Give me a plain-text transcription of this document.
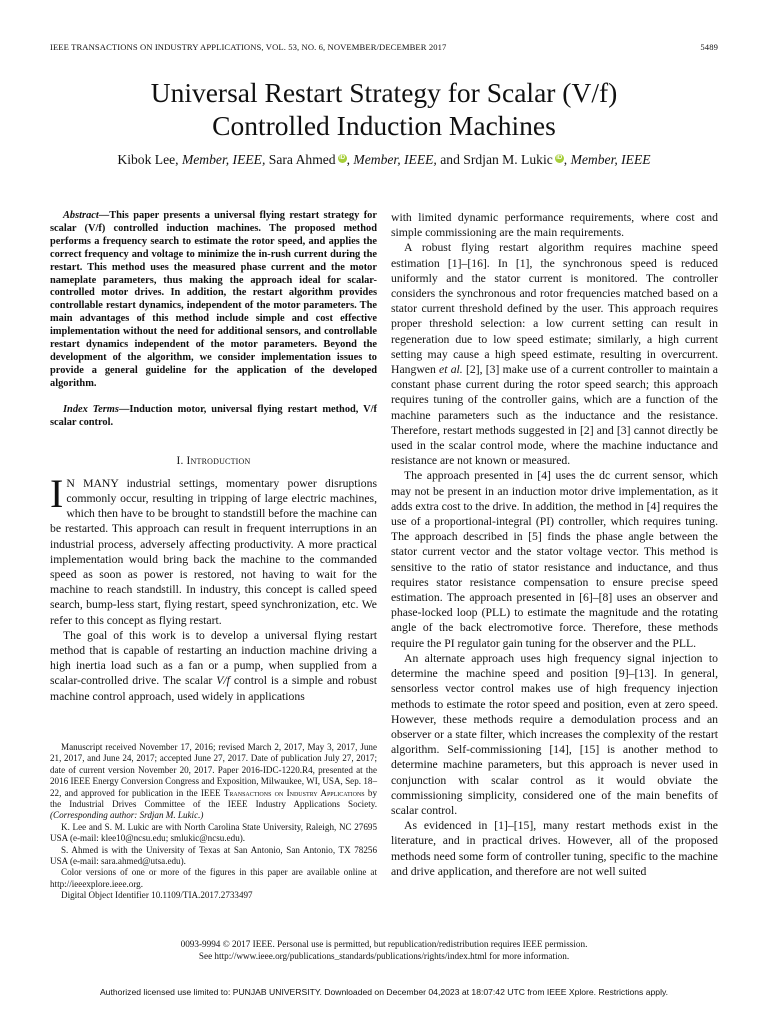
IEEE TRANSACTIONS ON INDUSTRY APPLICATIONS, VOL. 53, NO. 6, NOVEMBER/DECEMBER 2017	5489
Universal Restart Strategy for Scalar (V/f)
Controlled Induction Machines
Kibok Lee, Member, IEEE, Sara Ahmed iD , Member, IEEE, and Srdjan M. Lukic iD , Member, IEEE

Abstract—This paper presents a universal flying restart strategy for scalar (V/f) controlled induction machines. The proposed method performs a frequency search to estimate the rotor speed, and applies the correct frequency and voltage to minimize the in-rush current during the restart. This method uses the measured phase current and the motor nameplate parameters, thus making the approach ideal for scalar-controlled motor drives. In addition, the restart algorithm provides controllable restart dynamics, independent of the motor parameters. The main advantages of this method include simple and cost effective implementation without the need for additional sensors, and controllable restart dynamics independent of the motor parameters. Beyond the development of the algorithm, we consider implementation issues to provide a general guideline for the application of the developed algorithm.

Index Terms—Induction motor, universal flying restart method, V/f scalar control.

I. Introduction

I N MANY industrial settings, momentary power disruptions commonly occur, resulting in tripping of large electric machines, which then have to be brought to standstill before the machine can be restarted. This approach can result in frequent interruptions in an industrial process, adversely affecting productivity. A more practical implementation would bring back the machine to the commanded speed as soon as power is restored, not having to wait for the machine to reach standstill. In industry, this concept is called speed search, bump-less start, flying restart, speed synchronization, etc. We refer to this concept as flying restart.

The goal of this work is to develop a universal flying restart method that is capable of restarting an induction machine driving a high inertia load such as a fan or a pump, when supplied from a scalar-controlled drive. The scalar V/f control is a simple and robust machine control approach, used widely in applications

Manuscript received November 17, 2016; revised March 2, 2017, May 3, 2017, June 21, 2017, and June 24, 2017; accepted June 27, 2017. Date of publication July 27, 2017; date of current version November 20, 2017. Paper 2016-IDC-1220.R4, presented at the 2016 IEEE Energy Conversion Congress and Exposition, Milwaukee, WI, USA, Sep. 18–22, and approved for publication in the IEEE Transactions on Industry Applications by the Industrial Drives Committee of the IEEE Industry Applications Society. (Corresponding author: Srdjan M. Lukic.)

K. Lee and S. M. Lukic are with North Carolina State University, Raleigh, NC 27695 USA (e-mail: klee10@ncsu.edu; smlukic@ncsu.edu).

S. Ahmed is with the University of Texas at San Antonio, San Antonio, TX 78256 USA (e-mail: sara.ahmed@utsa.edu).

Color versions of one or more of the figures in this paper are available online at http://ieeexplore.ieee.org.

Digital Object Identifier 10.1109/TIA.2017.2733497

with limited dynamic performance requirements, where cost and simple commissioning are the main requirements.

A robust flying restart algorithm requires machine speed estimation [1]–[16]. In [1], the synchronous speed is reduced uniformly and the stator current is monitored. The controller considers the synchronous and rotor frequencies matched based on a stator current threshold defined by the user. This approach requires proper threshold selection: a low current setting can result in regeneration due to low speed estimate; similarly, a high current setting may cause a high speed estimate, resulting in overcurrent. Hangwen et al. [2], [3] make use of a current controller to maintain a constant phase current during the rotor speed search; this approach requires tuning of the controller gains, which are a function of the machine parameters such as the inductance and the resistance. Therefore, restart methods suggested in [2] and [3] cannot directly be used in the scalar control mode, where the machine inductance and resistance are not known or measured.

The approach presented in [4] uses the dc current sensor, which may not be present in an induction motor drive implementation, as it adds extra cost to the drive. In addition, the method in [4] requires the use of a proportional-integral (PI) controller, which requires tuning. The approach described in [5] finds the phase angle between the stator current vector and the stator voltage vector. This method is sensitive to the ratio of stator resistance and inductance, and thus requires stator resistance compensation to ensure precise speed estimation. The approach presented in [6]–[8] uses an observer and phase-locked loop (PLL) to estimate the magnitude and the rotating angle of the back electromotive force. Therefore, these methods require the PI regulator gain tuning for the observer and the PLL.

An alternate approach uses high frequency signal injection to determine the machine speed and position [9]–[13]. In general, sensorless vector control makes use of high frequency injection methods to estimate the rotor speed and position, even at zero speed. However, these methods require a demodulation process and an observer or a state filter, which increases the complexity of the restart algorithm. Self-commissioning [14], [15] is another method to determine machine parameters, but this approach is never used in conjunction with scalar control as it would obviate the commissioning simplicity, considered one of the main benefits of scalar control.

As evidenced in [1]–[15], many restart methods exist in the literature, and in practical drives. However, all of the proposed methods need some form of controller tuning, specific to the machine and drive application, and therefore are not well suited

0093-9994 © 2017 IEEE. Personal use is permitted, but republication/redistribution requires IEEE permission.
See http://www.ieee.org/publications_standards/publications/rights/index.html for more information.
Authorized licensed use limited to: PUNJAB UNIVERSITY. Downloaded on December 04,2023 at 18:07:42 UTC from IEEE Xplore. Restrictions apply.
